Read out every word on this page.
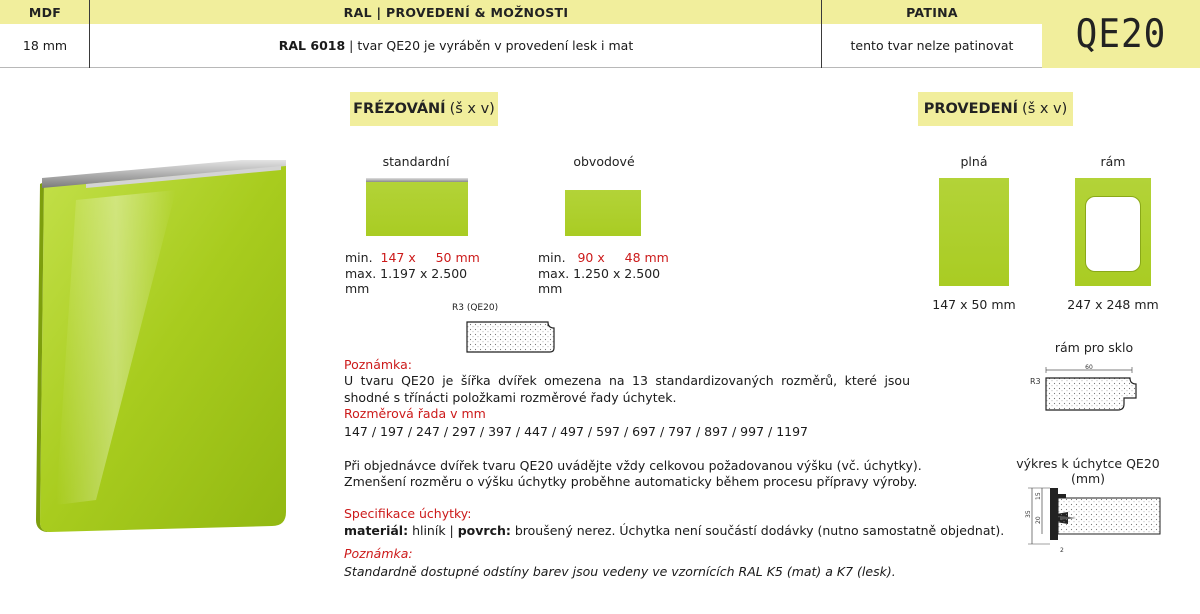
MDF	RAL | PROVEDENÍ & MOŽNOSTI	PATINA
18 mm	RAL 6018 | tvar QE20 je vyráběn v provedení lesk i mat	tento tvar nelze patinovat	QE20
FRÉZOVÁNÍ (š x v)	PROVEDENÍ (š x v)
standardní
min. 147 x     50 mm
max. 1.197 x 2.500 mm
obvodové
min. 90 x     48 mm
max. 1.250 x 2.500 mm
R3 (QE20)
plná
147 x 50 mm
rám
247 x 248 mm
rám pro sklo
60
R3
výkres k úchytce QE20 (mm)
35
15
20
2
Poznámka:
U tvaru QE20 je šířka dvířek omezena na 13 standardizovaných rozměrů, které jsou shodné s třínácti položkami rozměrové řady úchytek.
Rozměrová řada v mm
147 / 197 / 247 / 297 / 397 / 447 / 497 / 597 / 697 / 797 / 897 / 997 / 1197
Při objednávce dvířek tvaru QE20 uvádějte vždy celkovou požadovanou výšku (vč. úchytky).
Zmenšení rozměru o výšku úchytky proběhne automaticky během procesu přípravy výroby.
Specifikace úchytky:
materiál: hliník | povrch: broušený nerez. Úchytka není součástí dodávky (nutno samostatně objednat).
Poznámka:
Standardně dostupné odstíny barev jsou vedeny ve vzornících RAL K5 (mat) a K7 (lesk).
